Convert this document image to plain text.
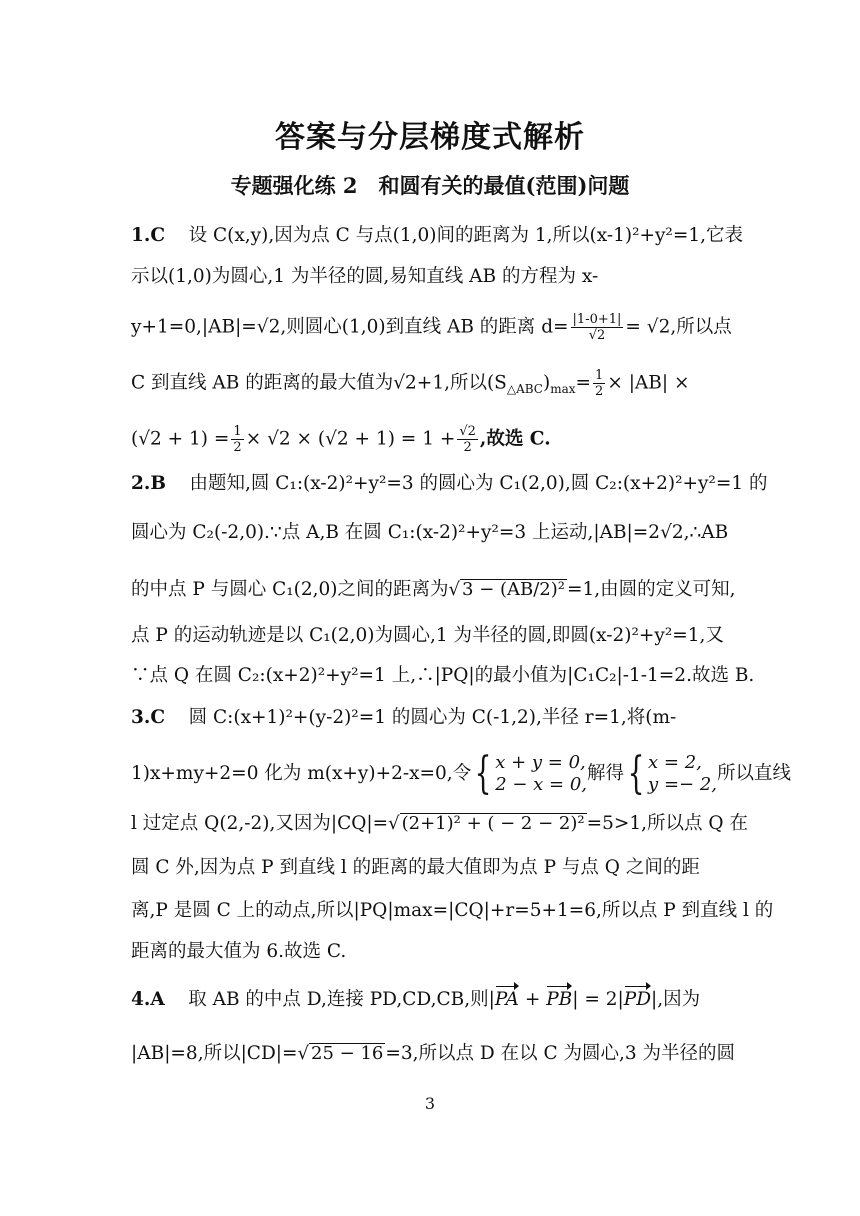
答案与分层梯度式解析
专题强化练 2　和圆有关的最值(范围)问题
1.C 设 C(x,y),因为点 C 与点(1,0)间的距离为 1,所以(x-1)²+y²=1,它表
示以(1,0)为圆心,1 为半径的圆,易知直线 AB 的方程为 x-
y+1=0,|AB|=√2,则圆心(1,0)到直线 AB 的距离 $d= \frac{|1-0+1|}{√2} = √2$,所以点
C 到直线 AB 的距离的最大值为√2+1,所以$(S_{\triangle ABC})_{max}= \frac{1}{2} \times |AB|$ ×
$(√2 + 1) = \frac{1}{2} \times √2 \times (√2 + 1) = 1 + \frac{√2}{2}$ ,故选 C.
2.B 由题知,圆 C₁:(x-2)²+y²=3 的圆心为 C₁(2,0),圆 C₂:(x+2)²+y²=1 的
圆心为 C₂(-2,0).∵点 A,B 在圆 C₁:(x-2)²+y²=3 上运动,|AB|=2√2,∴AB
的中点 P 与圆心 C₁(2,0)之间的距离为√ 3 − (AB/2)² =1,由圆的定义可知,
点 P 的运动轨迹是以 C₁(2,0)为圆心,1 为半径的圆,即圆(x-2)²+y²=1,又
∵点 Q 在圆 C₂:(x+2)²+y²=1 上,∴|PQ|的最小值为|C₁C₂|-1-1=2.故选 B.
3.C 圆 C:(x+1)²+(y-2)²=1 的圆心为 C(-1,2),半径 r=1,将(m-
1)x+my+2=0 化为 m(x+y)+2-x=0,令{ x + y = 0,
2 − x = 0,
解得{ x = 2,
y =− 2,
所以直线
l 过定点 Q(2,-2),又因为|CQ|=√ (2+1)² + ( − 2 − 2)² =5>1,所以点 Q 在
圆 C 外,因为点 P 到直线 l 的距离的最大值即为点 P 与点 Q 之间的距
离,P 是圆 C 上的动点,所以|PQ|max=|CQ|+r=5+1=6,所以点 P 到直线 l 的
距离的最大值为 6.故选 C.
4.A 取 AB 的中点 D,连接 PD,CD,CB,则|PA + PB| = 2|PD|,因为
|AB|=8,所以|CD|=√ 25 − 16 =3,所以点 D 在以 C 为圆心,3 为半径的圆
3
